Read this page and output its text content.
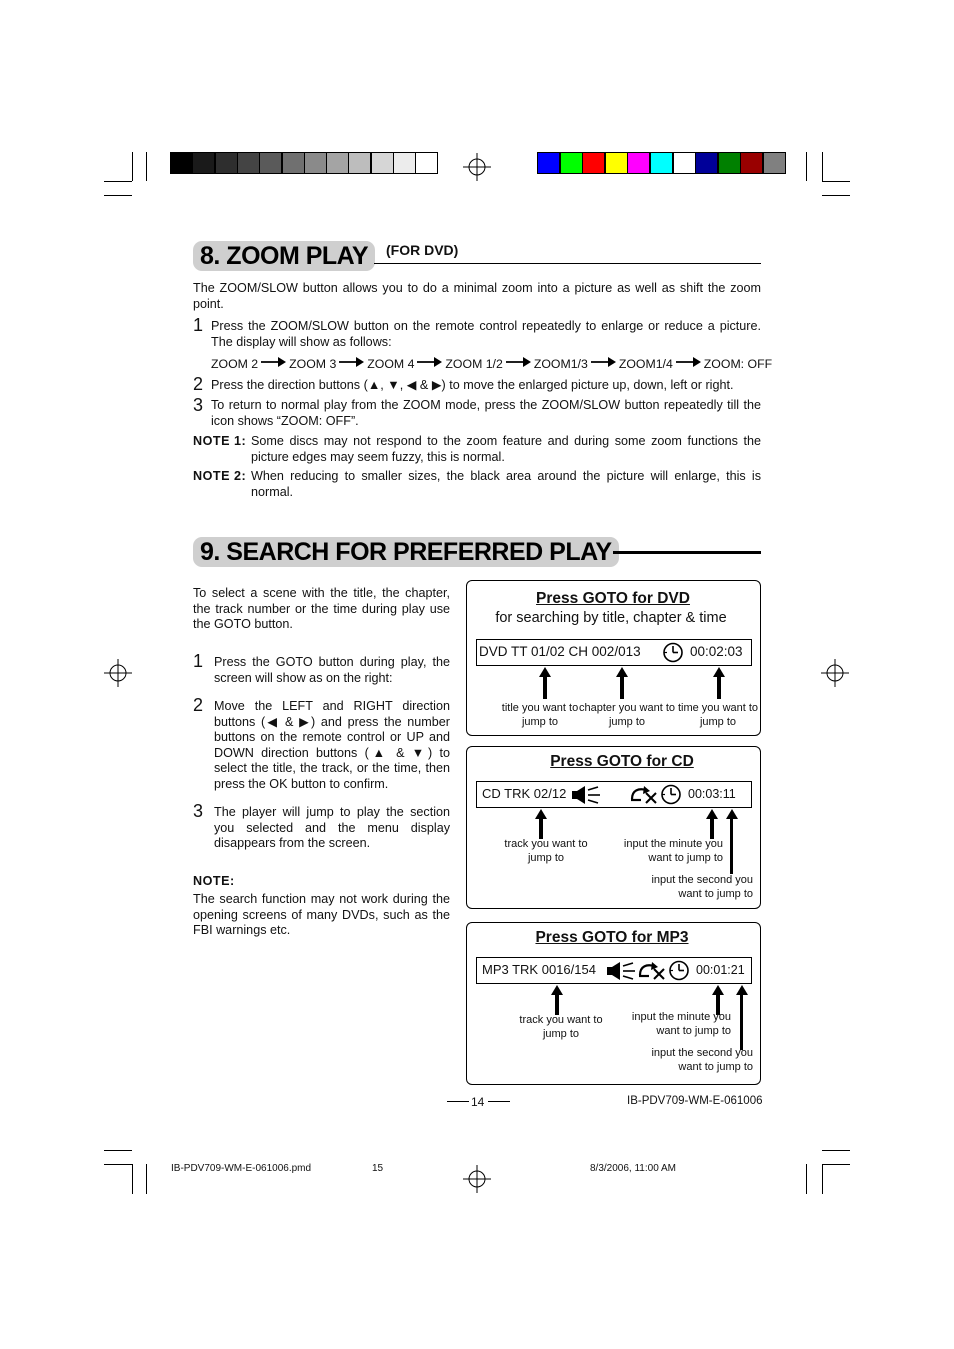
8. ZOOM PLAY	(FOR DVD)
The ZOOM/SLOW button allows you to do a minimal zoom into a picture as well as shift the zoom point.
1 Press the ZOOM/SLOW button on the remote control repeatedly to enlarge or reduce a picture. The display will show as follows:
ZOOM 2	ZOOM 3	ZOOM 4	ZOOM 1/2	ZOOM1/3	ZOOM1/4	ZOOM: OFF
2 Press the direction buttons (▲, ▼, ◀ & ▶) to move the enlarged picture up, down, left or right.
3 To return to normal play from the ZOOM mode, press the ZOOM/SLOW button repeatedly till the icon shows “ZOOM: OFF”.
NOTE 1: Some discs may not respond to the zoom feature and during some zoom functions the picture edges may seem fuzzy, this is normal.
NOTE 2: When reducing to smaller sizes, the black area around the picture will enlarge, this is normal.
9. SEARCH FOR PREFERRED PLAY
To select a scene with the title, the chapter, the track number or the time during play use the GOTO button.
1 Press the GOTO button during play, the screen will show as on the right:
2 Move the LEFT and RIGHT direction buttons (◀ & ▶) and press the number buttons on the remote control or UP and DOWN direction buttons (▲ & ▼) to select the title, the track, or the time, then press the OK button to confirm.
3 The player will jump to play the section you selected and the menu display disappears from the screen.
NOTE:
The search function may not work during the opening screens of many DVDs, such as the FBI warnings etc.
Press GOTO for DVD
for searching by title, chapter & time
DVD TT 01/02 CH 002/013	00:02:03
title you want to jump to
chapter you want to jump to
time you want to jump to
Press GOTO for CD
CD TRK 02/12	00:03:11
track you want to jump to
input the minute you want to jump to
input the second you want to jump to
Press GOTO for MP3
MP3 TRK 0016/154	00:01:21
track you want to jump to
input the minute you want to jump to
input the second you want to jump to
14	IB-PDV709-WM-E-061006
IB-PDV709-WM-E-061006.pmd	15	8/3/2006, 11:00 AM
